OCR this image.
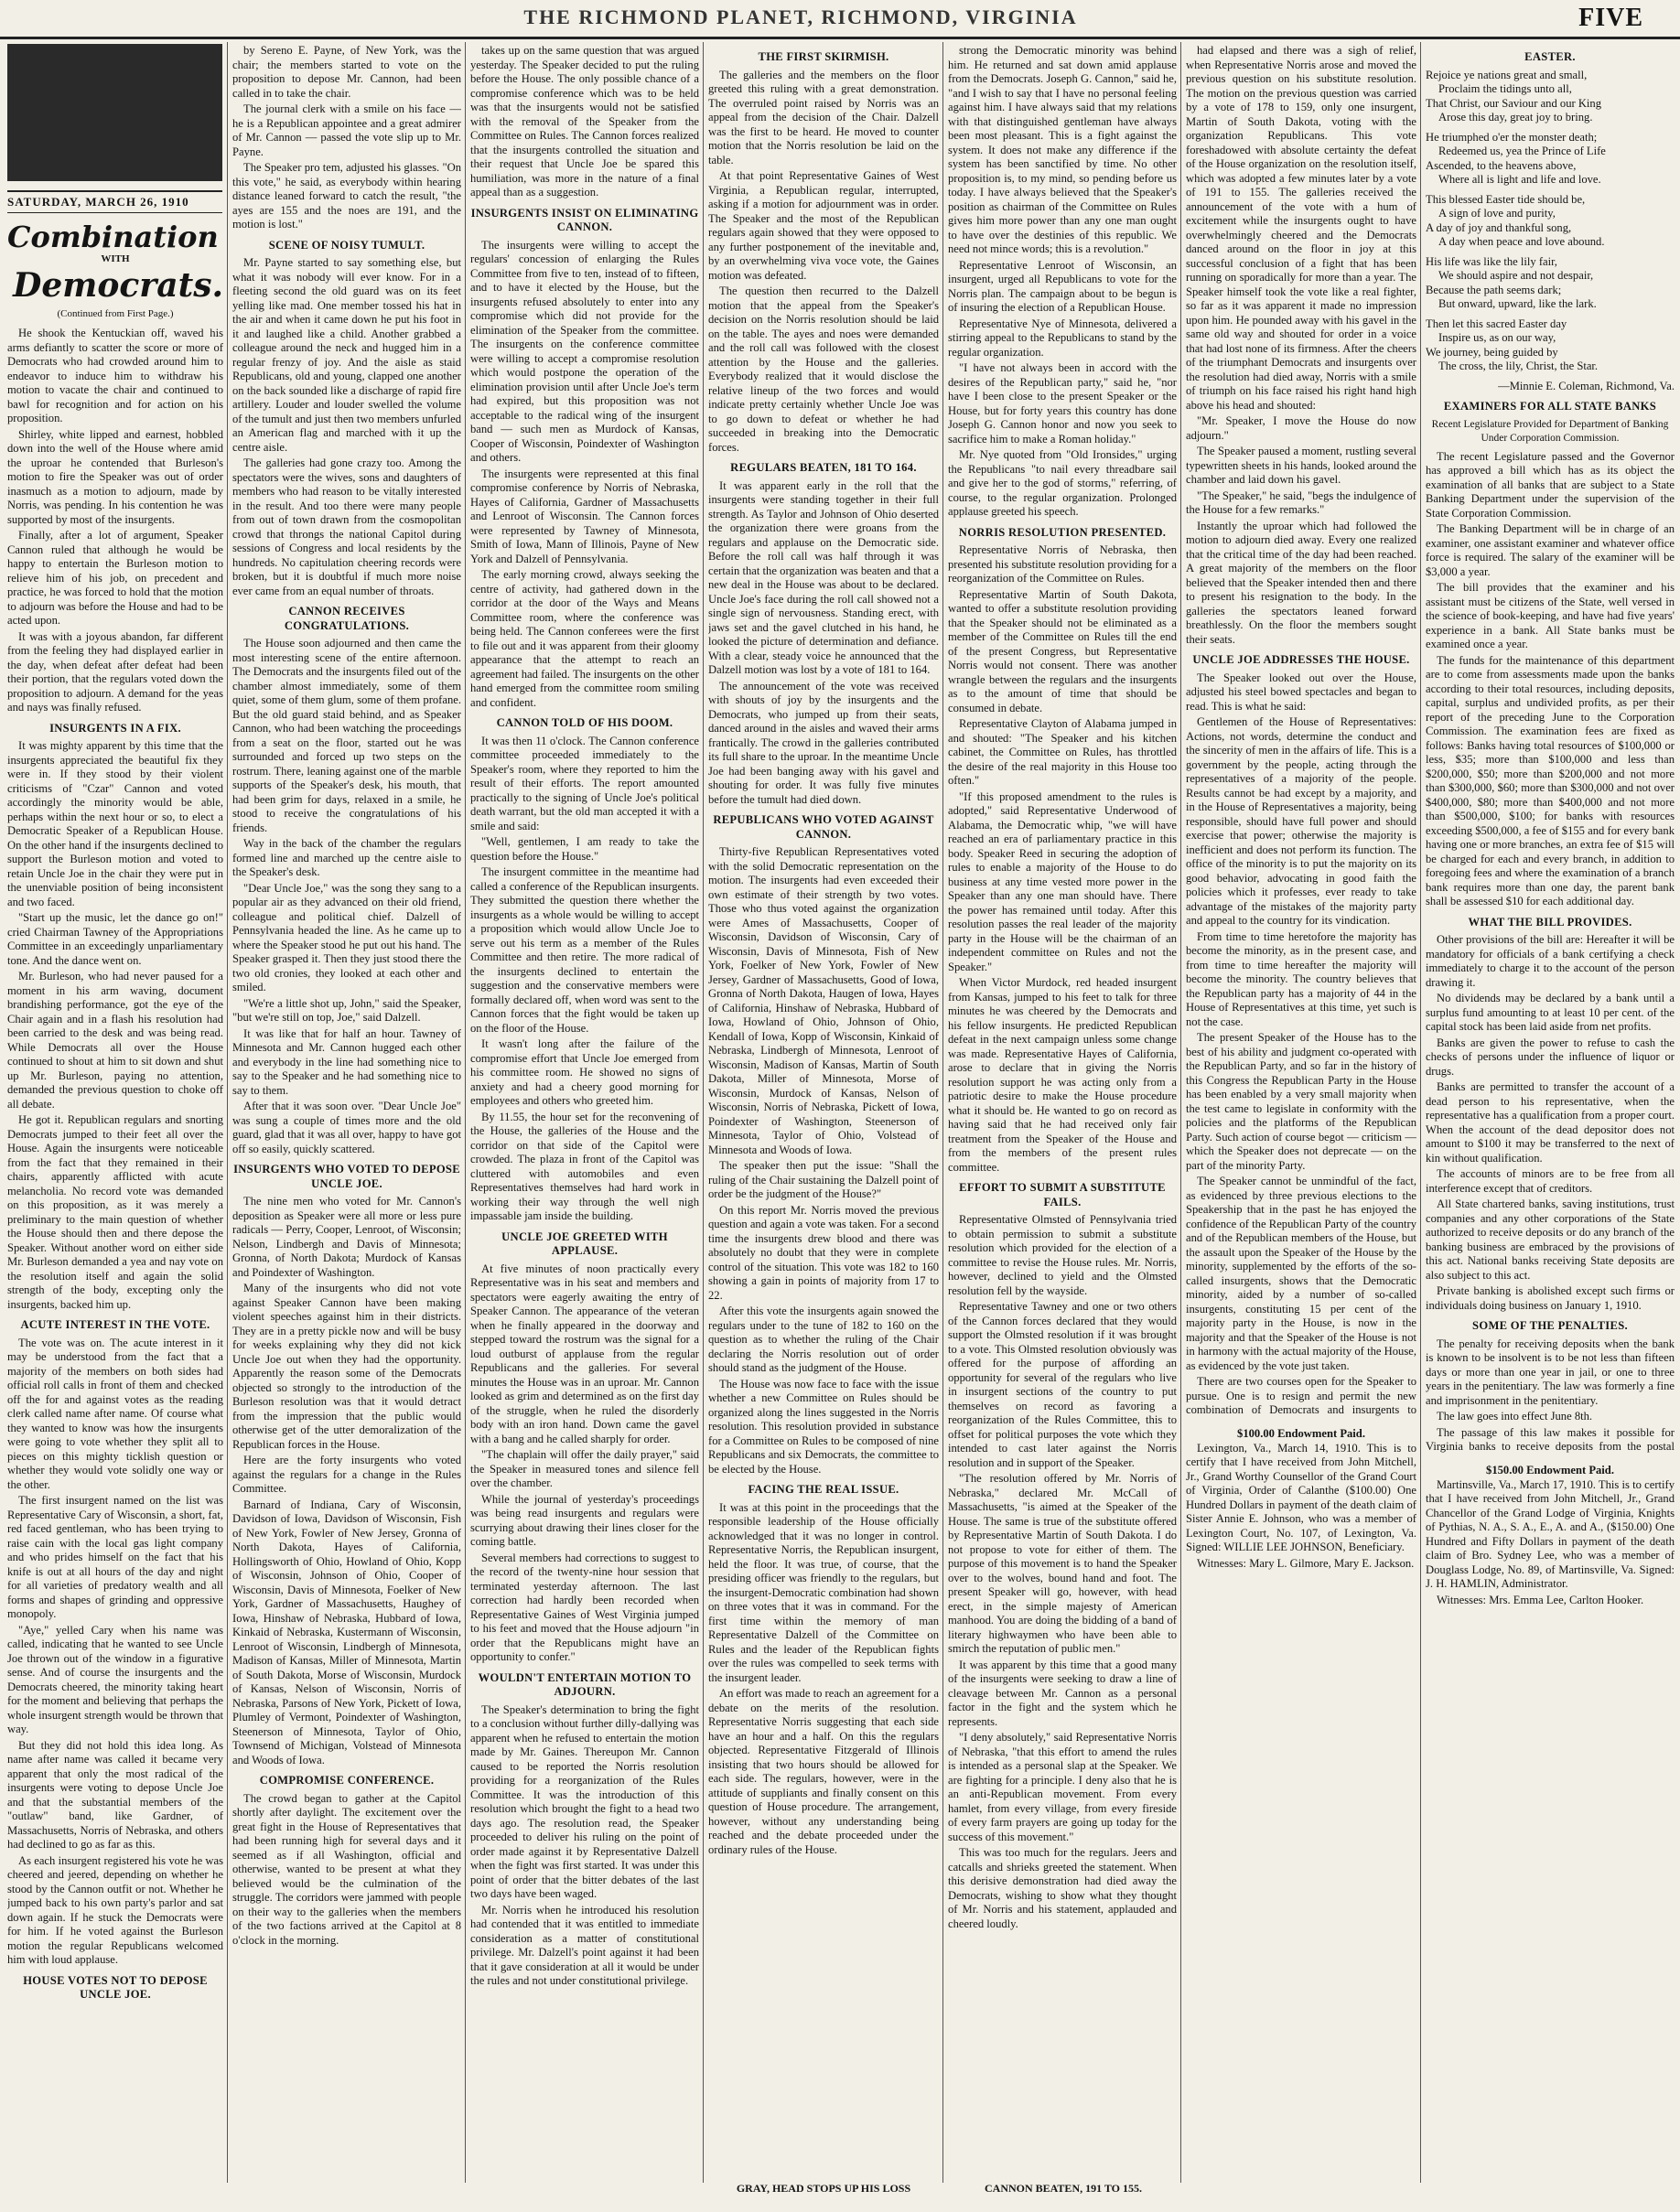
THE RICHMOND PLANET, RICHMOND, VIRGINIA	FIVE
SATURDAY, MARCH 26, 1910
Combination
WITH
Democrats.
(Continued from First Page.)

He shook the Kentuckian off, waved his arms defiantly to scatter the score or more of Democrats who had crowded around him to endeavor to induce him to withdraw his motion to vacate the chair and continued to bawl for recognition and for action on his proposition.

Shirley, white lipped and earnest, hobbled down into the well of the House where amid the uproar he contended that Burleson's motion to fire the Speaker was out of order inasmuch as a motion to adjourn, made by Norris, was pending. In his contention he was supported by most of the insurgents.

Finally, after a lot of argument, Speaker Cannon ruled that although he would be happy to entertain the Burleson motion to relieve him of his job, on precedent and practice, he was forced to hold that the motion to adjourn was before the House and had to be acted upon.

It was with a joyous abandon, far different from the feeling they had displayed earlier in the day, when defeat after defeat had been their portion, that the regulars voted down the proposition to adjourn. A demand for the yeas and nays was finally refused.

INSURGENTS IN A FIX.

It was mighty apparent by this time that the insurgents appreciated the beautiful fix they were in. If they stood by their violent criticisms of "Czar" Cannon and voted accordingly the minority would be able, perhaps within the next hour or so, to elect a Democratic Speaker of a Republican House. On the other hand if the insurgents declined to support the Burleson motion and voted to retain Uncle Joe in the chair they were put in the unenviable position of being inconsistent and two faced.

"Start up the music, let the dance go on!" cried Chairman Tawney of the Appropriations Committee in an exceedingly unparliamentary tone. And the dance went on.

Mr. Burleson, who had never paused for a moment in his arm waving, document brandishing performance, got the eye of the Chair again and in a flash his resolution had been carried to the desk and was being read. While Democrats all over the House continued to shout at him to sit down and shut up Mr. Burleson, paying no attention, demanded the previous question to choke off all debate.

He got it. Republican regulars and snorting Democrats jumped to their feet all over the House. Again the insurgents were noticeable from the fact that they remained in their chairs, apparently afflicted with acute melancholia. No record vote was demanded on this proposition, as it was merely a preliminary to the main question of whether the House should then and there depose the Speaker. Without another word on either side Mr. Burleson demanded a yea and nay vote on the resolution itself and again the solid strength of the body, excepting only the insurgents, backed him up.

ACUTE INTEREST IN THE VOTE.

The vote was on. The acute interest in it may be understood from the fact that a majority of the members on both sides had official roll calls in front of them and checked off the for and against votes as the reading clerk called name after name. Of course what they wanted to know was how the insurgents were going to vote whether they split all to pieces on this mighty ticklish question or whether they would vote solidly one way or the other.

The first insurgent named on the list was Representative Cary of Wisconsin, a short, fat, red faced gentleman, who has been trying to raise cain with the local gas light company and who prides himself on the fact that his knife is out at all hours of the day and night for all varieties of predatory wealth and all forms and shapes of grinding and oppressive monopoly.

"Aye," yelled Cary when his name was called, indicating that he wanted to see Uncle Joe thrown out of the window in a figurative sense. And of course the insurgents and the Democrats cheered, the minority taking heart for the moment and believing that perhaps the whole insurgent strength would be thrown that way.

But they did not hold this idea long. As name after name was called it became very apparent that only the most radical of the insurgents were voting to depose Uncle Joe and that the substantial members of the "outlaw" band, like Gardner, of Massachusetts, Norris of Nebraska, and others had declined to go as far as this.

As each insurgent registered his vote he was cheered and jeered, depending on whether he stood by the Cannon outfit or not. Whether he jumped back to his own party's parlor and sat down again. If he stuck the Democrats were for him. If he voted against the Burleson motion the regular Republicans welcomed him with loud applause.

HOUSE VOTES NOT TO DEPOSE UNCLE JOE.

by Sereno E. Payne, of New York, was the chair; the members started to vote on the proposition to depose Mr. Cannon, had been called in to take the chair.

The journal clerk with a smile on his face — he is a Republican appointee and a great admirer of Mr. Cannon — passed the vote slip up to Mr. Payne.

The Speaker pro tem, adjusted his glasses. "On this vote," he said, as everybody within hearing distance leaned forward to catch the result, "the ayes are 155 and the noes are 191, and the motion is lost."

SCENE OF NOISY TUMULT.

Mr. Payne started to say something else, but what it was nobody will ever know. For in a fleeting second the old guard was on its feet yelling like mad. One member tossed his hat in the air and when it came down he put his foot in it and laughed like a child. Another grabbed a colleague around the neck and hugged him in a regular frenzy of joy. And the aisle as staid Republicans, old and young, clapped one another on the back sounded like a discharge of rapid fire artillery. Louder and louder swelled the volume of the tumult and just then two members unfurled an American flag and marched with it up the centre aisle.

The galleries had gone crazy too. Among the spectators were the wives, sons and daughters of members who had reason to be vitally interested in the result. And too there were many people from out of town drawn from the cosmopolitan crowd that throngs the national Capitol during sessions of Congress and local residents by the hundreds. No capitulation cheering records were broken, but it is doubtful if much more noise ever came from an equal number of throats.

CANNON RECEIVES CONGRATULATIONS.

The House soon adjourned and then came the most interesting scene of the entire afternoon. The Democrats and the insurgents filed out of the chamber almost immediately, some of them quiet, some of them glum, some of them profane. But the old guard staid behind, and as Speaker Cannon, who had been watching the proceedings from a seat on the floor, started out he was surrounded and forced up two steps on the rostrum. There, leaning against one of the marble supports of the Speaker's desk, his mouth, that had been grim for days, relaxed in a smile, he stood to receive the congratulations of his friends.

Way in the back of the chamber the regulars formed line and marched up the centre aisle to the Speaker's desk.

"Dear Uncle Joe," was the song they sang to a popular air as they advanced on their old friend, colleague and political chief. Dalzell of Pennsylvania headed the line. As he came up to where the Speaker stood he put out his hand. The Speaker grasped it. Then they just stood there the two old cronies, they looked at each other and smiled.

"We're a little shot up, John," said the Speaker, "but we're still on top, Joe," said Dalzell.

It was like that for half an hour. Tawney of Minnesota and Mr. Cannon hugged each other and everybody in the line had something nice to say to the Speaker and he had something nice to say to them.

After that it was soon over. "Dear Uncle Joe" was sung a couple of times more and the old guard, glad that it was all over, happy to have got off so easily, quickly scattered.

INSURGENTS WHO VOTED TO DEPOSE UNCLE JOE.

The nine men who voted for Mr. Cannon's deposition as Speaker were all more or less pure radicals — Perry, Cooper, Lenroot, of Wisconsin; Nelson, Lindbergh and Davis of Minnesota; Gronna, of North Dakota; Murdock of Kansas and Poindexter of Washington.

Many of the insurgents who did not vote against Speaker Cannon have been making violent speeches against him in their districts. They are in a pretty pickle now and will be busy for weeks explaining why they did not kick Uncle Joe out when they had the opportunity. Apparently the reason some of the Democrats objected so strongly to the introduction of the Burleson resolution was that it would detract from the impression that the public would otherwise get of the utter demoralization of the Republican forces in the House.

Here are the forty insurgents who voted against the regulars for a change in the Rules Committee.

Barnard of Indiana, Cary of Wisconsin, Davidson of Iowa, Davidson of Wisconsin, Fish of New York, Fowler of New Jersey, Gronna of North Dakota, Hayes of California, Hollingsworth of Ohio, Howland of Ohio, Kopp of Wisconsin, Johnson of Ohio, Cooper of Wisconsin, Davis of Minnesota, Foelker of New York, Gardner of Massachusetts, Haughey of Iowa, Hinshaw of Nebraska, Hubbard of Iowa, Kinkaid of Nebraska, Kustermann of Wisconsin, Lenroot of Wisconsin, Lindbergh of Minnesota, Madison of Kansas, Miller of Minnesota, Martin of South Dakota, Morse of Wisconsin, Murdock of Kansas, Nelson of Wisconsin, Norris of Nebraska, Parsons of New York, Pickett of Iowa, Plumley of Vermont, Poindexter of Washington, Steenerson of Minnesota, Taylor of Ohio, Townsend of Michigan, Volstead of Minnesota and Woods of Iowa.

COMPROMISE CONFERENCE.

The crowd began to gather at the Capitol shortly after daylight. The excitement over the great fight in the House of Representatives that had been running high for several days and it seemed as if all Washington, official and otherwise, wanted to be present at what they believed would be the culmination of the struggle. The corridors were jammed with people on their way to the galleries when the members of the two factions arrived at the Capitol at 8 o'clock in the morning.

takes up on the same question that was argued yesterday. The Speaker decided to put the ruling before the House. The only possible chance of a compromise conference which was to be held was that the insurgents would not be satisfied with the removal of the Speaker from the Committee on Rules. The Cannon forces realized that the insurgents controlled the situation and their request that Uncle Joe be spared this humiliation, was more in the nature of a final appeal than as a suggestion.

INSURGENTS INSIST ON ELIMINATING CANNON.

The insurgents were willing to accept the regulars' concession of enlarging the Rules Committee from five to ten, instead of to fifteen, and to have it elected by the House, but the insurgents refused absolutely to enter into any compromise which did not provide for the elimination of the Speaker from the committee. The insurgents on the conference committee were willing to accept a compromise resolution which would postpone the operation of the elimination provision until after Uncle Joe's term had expired, but this proposition was not acceptable to the radical wing of the insurgent band — such men as Murdock of Kansas, Cooper of Wisconsin, Poindexter of Washington and others.

The insurgents were represented at this final compromise conference by Norris of Nebraska, Hayes of California, Gardner of Massachusetts and Lenroot of Wisconsin. The Cannon forces were represented by Tawney of Minnesota, Smith of Iowa, Mann of Illinois, Payne of New York and Dalzell of Pennsylvania.

The early morning crowd, always seeking the centre of activity, had gathered down in the corridor at the door of the Ways and Means Committee room, where the conference was being held. The Cannon conferees were the first to file out and it was apparent from their gloomy appearance that the attempt to reach an agreement had failed. The insurgents on the other hand emerged from the committee room smiling and confident.

CANNON TOLD OF HIS DOOM.

It was then 11 o'clock. The Cannon conference committee proceeded immediately to the Speaker's room, where they reported to him the result of their efforts. The report amounted practically to the signing of Uncle Joe's political death warrant, but the old man accepted it with a smile and said:

"Well, gentlemen, I am ready to take the question before the House."

The insurgent committee in the meantime had called a conference of the Republican insurgents. They submitted the question there whether the insurgents as a whole would be willing to accept a proposition which would allow Uncle Joe to serve out his term as a member of the Rules Committee and then retire. The more radical of the insurgents declined to entertain the suggestion and the conservative members were formally declared off, when word was sent to the Cannon forces that the fight would be taken up on the floor of the House.

It wasn't long after the failure of the compromise effort that Uncle Joe emerged from his committee room. He showed no signs of anxiety and had a cheery good morning for employees and others who greeted him.

By 11.55, the hour set for the reconvening of the House, the galleries of the House and the corridor on that side of the Capitol were crowded. The plaza in front of the Capitol was cluttered with automobiles and even Representatives themselves had hard work in working their way through the well nigh impassable jam inside the building.

UNCLE JOE GREETED WITH APPLAUSE.

At five minutes of noon practically every Representative was in his seat and members and spectators were eagerly awaiting the entry of Speaker Cannon. The appearance of the veteran when he finally appeared in the doorway and stepped toward the rostrum was the signal for a loud outburst of applause from the regular Republicans and the galleries. For several minutes the House was in an uproar. Mr. Cannon looked as grim and determined as on the first day of the struggle, when he ruled the disorderly body with an iron hand. Down came the gavel with a bang and he called sharply for order.

"The chaplain will offer the daily prayer," said the Speaker in measured tones and silence fell over the chamber.

While the journal of yesterday's proceedings was being read insurgents and regulars were scurrying about drawing their lines closer for the coming battle.

Several members had corrections to suggest to the record of the twenty-nine hour session that terminated yesterday afternoon. The last correction had hardly been recorded when Representative Gaines of West Virginia jumped to his feet and moved that the House adjourn "in order that the Republicans might have an opportunity to confer."

WOULDN'T ENTERTAIN MOTION TO ADJOURN.

The Speaker's determination to bring the fight to a conclusion without further dilly-dallying was apparent when he refused to entertain the motion made by Mr. Gaines. Thereupon Mr. Cannon caused to be reported the Norris resolution providing for a reorganization of the Rules Committee. It was the introduction of this resolution which brought the fight to a head two days ago. The resolution read, the Speaker proceeded to deliver his ruling on the point of order made against it by Representative Dalzell when the fight was first started. It was under this point of order that the bitter debates of the last two days have been waged.

Mr. Norris when he introduced his resolution had contended that it was entitled to immediate consideration as a matter of constitutional privilege. Mr. Dalzell's point against it had been that it gave consideration at all it would be under the rules and not under constitutional privilege.

THE FIRST SKIRMISH.

The galleries and the members on the floor greeted this ruling with a great demonstration. The overruled point raised by Norris was an appeal from the decision of the Chair. Dalzell was the first to be heard. He moved to counter motion that the Norris resolution be laid on the table.

At that point Representative Gaines of West Virginia, a Republican regular, interrupted, asking if a motion for adjournment was in order. The Speaker and the most of the Republican regulars again showed that they were opposed to any further postponement of the inevitable and, by an overwhelming viva voce vote, the Gaines motion was defeated.

The question then recurred to the Dalzell motion that the appeal from the Speaker's decision on the Norris resolution should be laid on the table. The ayes and noes were demanded and the roll call was followed with the closest attention by the House and the galleries. Everybody realized that it would disclose the relative lineup of the two forces and would indicate pretty certainly whether Uncle Joe was to go down to defeat or whether he had succeeded in breaking into the Democratic forces.

REGULARS BEATEN, 181 TO 164.

It was apparent early in the roll that the insurgents were standing together in their full strength. As Taylor and Johnson of Ohio deserted the organization there were groans from the regulars and applause on the Democratic side. Before the roll call was half through it was certain that the organization was beaten and that a new deal in the House was about to be declared. Uncle Joe's face during the roll call showed not a single sign of nervousness. Standing erect, with jaws set and the gavel clutched in his hand, he looked the picture of determination and defiance. With a clear, steady voice he announced that the Dalzell motion was lost by a vote of 181 to 164.

The announcement of the vote was received with shouts of joy by the insurgents and the Democrats, who jumped up from their seats, danced around in the aisles and waved their arms frantically. The crowd in the galleries contributed its full share to the uproar. In the meantime Uncle Joe had been banging away with his gavel and shouting for order. It was fully five minutes before the tumult had died down.

REPUBLICANS WHO VOTED AGAINST CANNON.

Thirty-five Republican Representatives voted with the solid Democratic representation on the motion. The insurgents had even exceeded their own estimate of their strength by two votes. Those who thus voted against the organization were Ames of Massachusetts, Cooper of Wisconsin, Davidson of Wisconsin, Cary of Wisconsin, Davis of Minnesota, Fish of New York, Foelker of New York, Fowler of New Jersey, Gardner of Massachusetts, Good of Iowa, Gronna of North Dakota, Haugen of Iowa, Hayes of California, Hinshaw of Nebraska, Hubbard of Iowa, Howland of Ohio, Johnson of Ohio, Kendall of Iowa, Kopp of Wisconsin, Kinkaid of Nebraska, Lindbergh of Minnesota, Lenroot of Wisconsin, Madison of Kansas, Martin of South Dakota, Miller of Minnesota, Morse of Wisconsin, Murdock of Kansas, Nelson of Wisconsin, Norris of Nebraska, Pickett of Iowa, Poindexter of Washington, Steenerson of Minnesota, Taylor of Ohio, Volstead of Minnesota and Woods of Iowa.

The speaker then put the issue: "Shall the ruling of the Chair sustaining the Dalzell point of order be the judgment of the House?"

On this report Mr. Norris moved the previous question and again a vote was taken. For a second time the insurgents drew blood and there was absolutely no doubt that they were in complete control of the situation. This vote was 182 to 160 showing a gain in points of majority from 17 to 22.

After this vote the insurgents again snowed the regulars under to the tune of 182 to 160 on the question as to whether the ruling of the Chair declaring the Norris resolution out of order should stand as the judgment of the House.

The House was now face to face with the issue whether a new Committee on Rules should be organized along the lines suggested in the Norris resolution. This resolution provided in substance for a Committee on Rules to be composed of nine Republicans and six Democrats, the committee to be elected by the House.

FACING THE REAL ISSUE.

It was at this point in the proceedings that the responsible leadership of the House officially acknowledged that it was no longer in control. Representative Norris, the Republican insurgent, held the floor. It was true, of course, that the presiding officer was friendly to the regulars, but the insurgent-Democratic combination had shown on three votes that it was in command. For the first time within the memory of man Representative Dalzell of the Committee on Rules and the leader of the Republican fights over the rules was compelled to seek terms with the insurgent leader.

An effort was made to reach an agreement for a debate on the merits of the resolution. Representative Norris suggesting that each side have an hour and a half. On this the regulars objected. Representative Fitzgerald of Illinois insisting that two hours should be allowed for each side. The regulars, however, were in the attitude of suppliants and finally consent on this question of House procedure. The arrangement, however, without any understanding being reached and the debate proceeded under the ordinary rules of the House.

GRAY, HEAD STOPS UP HIS LOSS

strong the Democratic minority was behind him. He returned and sat down amid applause from the Democrats. Joseph G. Cannon," said he, "and I wish to say that I have no personal feeling against him. I have always said that my relations with that distinguished gentleman have always been most pleasant. This is a fight against the system. It does not make any difference if the system has been sanctified by time. No other proposition is, to my mind, so pending before us today. I have always believed that the Speaker's position as chairman of the Committee on Rules gives him more power than any one man ought to have over the destinies of this republic. We need not mince words; this is a revolution."

Representative Lenroot of Wisconsin, an insurgent, urged all Republicans to vote for the Norris plan. The campaign about to be begun is of insuring the election of a Republican House.

Representative Nye of Minnesota, delivered a stirring appeal to the Republicans to stand by the regular organization.

"I have not always been in accord with the desires of the Republican party," said he, "nor have I been close to the present Speaker or the House, but for forty years this country has done Joseph G. Cannon honor and now you seek to sacrifice him to make a Roman holiday."

Mr. Nye quoted from "Old Ironsides," urging the Republicans "to nail every threadbare sail and give her to the god of storms," referring, of course, to the regular organization. Prolonged applause greeted his speech.

NORRIS RESOLUTION PRESENTED.

Representative Norris of Nebraska, then presented his substitute resolution providing for a reorganization of the Committee on Rules.

Representative Martin of South Dakota, wanted to offer a substitute resolution providing that the Speaker should not be eliminated as a member of the Committee on Rules till the end of the present Congress, but Representative Norris would not consent. There was another wrangle between the regulars and the insurgents as to the amount of time that should be consumed in debate.

Representative Clayton of Alabama jumped in and shouted: "The Speaker and his kitchen cabinet, the Committee on Rules, has throttled the desire of the real majority in this House too often."

"If this proposed amendment to the rules is adopted," said Representative Underwood of Alabama, the Democratic whip, "we will have reached an era of parliamentary practice in this body. Speaker Reed in securing the adoption of rules to enable a majority of the House to do business at any time vested more power in the Speaker than any one man should have. There the power has remained until today. After this resolution passes the real leader of the majority party in the House will be the chairman of an independent committee on Rules and not the Speaker."

When Victor Murdock, red headed insurgent from Kansas, jumped to his feet to talk for three minutes he was cheered by the Democrats and his fellow insurgents. He predicted Republican defeat in the next campaign unless some change was made. Representative Hayes of California, arose to declare that in giving the Norris resolution support he was acting only from a patriotic desire to make the House procedure what it should be. He wanted to go on record as having said that he had received only fair treatment from the Speaker of the House and from the members of the present rules committee.

EFFORT TO SUBMIT A SUBSTITUTE FAILS.

Representative Olmsted of Pennsylvania tried to obtain permission to submit a substitute resolution which provided for the election of a committee to revise the House rules. Mr. Norris, however, declined to yield and the Olmsted resolution fell by the wayside.

Representative Tawney and one or two others of the Cannon forces declared that they would support the Olmsted resolution if it was brought to a vote. This Olmsted resolution obviously was offered for the purpose of affording an opportunity for several of the regulars who live in insurgent sections of the country to put themselves on record as favoring a reorganization of the Rules Committee, this to offset for political purposes the vote which they intended to cast later against the Norris resolution and in support of the Speaker.

"The resolution offered by Mr. Norris of Nebraska," declared Mr. McCall of Massachusetts, "is aimed at the Speaker of the House. The same is true of the substitute offered by Representative Martin of South Dakota. I do not propose to vote for either of them. The purpose of this movement is to hand the Speaker over to the wolves, bound hand and foot. The present Speaker will go, however, with head erect, in the simple majesty of American manhood. You are doing the bidding of a band of literary highwaymen who have been able to smirch the reputation of public men."

It was apparent by this time that a good many of the insurgents were seeking to draw a line of cleavage between Mr. Cannon as a personal factor in the fight and the system which he represents.

"I deny absolutely," said Representative Norris of Nebraska, "that this effort to amend the rules is intended as a personal slap at the Speaker. We are fighting for a principle. I deny also that he is an anti-Republican movement. From every hamlet, from every village, from every fireside of every farm prayers are going up today for the success of this movement."

This was too much for the regulars. Jeers and catcalls and shrieks greeted the statement. When this derisive demonstration had died away the Democrats, wishing to show what they thought of Mr. Norris and his statement, applauded and cheered loudly.

CANNON BEATEN, 191 TO 155.

had elapsed and there was a sigh of relief, when Representative Norris arose and moved the previous question on his substitute resolution. The motion on the previous question was carried by a vote of 178 to 159, only one insurgent, Martin of South Dakota, voting with the organization Republicans. This vote foreshadowed with absolute certainty the defeat of the House organization on the resolution itself, which was adopted a few minutes later by a vote of 191 to 155. The galleries received the announcement of the vote with a hum of excitement while the insurgents ought to have overwhelmingly cheered and the Democrats danced around on the floor in joy at this successful conclusion of a fight that has been running on sporadically for more than a year. The Speaker himself took the vote like a real fighter, so far as it was apparent it made no impression upon him. He pounded away with his gavel in the same old way and shouted for order in a voice that had lost none of its firmness. After the cheers of the triumphant Democrats and insurgents over the resolution had died away, Norris with a smile of triumph on his face raised his right hand high above his head and shouted:

"Mr. Speaker, I move the House do now adjourn."

The Speaker paused a moment, rustling several typewritten sheets in his hands, looked around the chamber and laid down his gavel.

"The Speaker," he said, "begs the indulgence of the House for a few remarks."

Instantly the uproar which had followed the motion to adjourn died away. Every one realized that the critical time of the day had been reached. A great majority of the members on the floor believed that the Speaker intended then and there to present his resignation to the body. In the galleries the spectators leaned forward breathlessly. On the floor the members sought their seats.

UNCLE JOE ADDRESSES THE HOUSE.

The Speaker looked out over the House, adjusted his steel bowed spectacles and began to read. This is what he said:

Gentlemen of the House of Representatives: Actions, not words, determine the conduct and the sincerity of men in the affairs of life. This is a government by the people, acting through the representatives of a majority of the people. Results cannot be had except by a majority, and in the House of Representatives a majority, being responsible, should have full power and should exercise that power; otherwise the majority is inefficient and does not perform its function. The office of the minority is to put the majority on its good behavior, advocating in good faith the policies which it professes, ever ready to take advantage of the mistakes of the majority party and appeal to the country for its vindication.

From time to time heretofore the majority has become the minority, as in the present case, and from time to time hereafter the majority will become the minority. The country believes that the Republican party has a majority of 44 in the House of Representatives at this time, yet such is not the case.

The present Speaker of the House has to the best of his ability and judgment co-operated with the Republican Party, and so far in the history of this Congress the Republican Party in the House has been enabled by a very small majority when the test came to legislate in conformity with the policies and the platforms of the Republican Party. Such action of course begot — criticism — which the Speaker does not deprecate — on the part of the minority Party.

The Speaker cannot be unmindful of the fact, as evidenced by three previous elections to the Speakership that in the past he has enjoyed the confidence of the Republican Party of the country and of the Republican members of the House, but the assault upon the Speaker of the House by the minority, supplemented by the efforts of the so-called insurgents, shows that the Democratic minority, aided by a number of so-called insurgents, constituting 15 per cent of the majority party in the House, is now in the majority and that the Speaker of the House is not in harmony with the actual majority of the House, as evidenced by the vote just taken.

There are two courses open for the Speaker to pursue. One is to resign and permit the new combination of Democrats and insurgents to

$100.00 Endowment Paid.

Lexington, Va., March 14, 1910. This is to certify that I have received from John Mitchell, Jr., Grand Worthy Counsellor of the Grand Court of Virginia, Order of Calanthe ($100.00) One Hundred Dollars in payment of the death claim of Sister Annie E. Johnson, who was a member of Lexington Court, No. 107, of Lexington, Va. Signed: WILLIE LEE JOHNSON, Beneficiary.

Witnesses: Mary L. Gilmore, Mary E. Jackson.

EASTER.
Rejoice ye nations great and small,
Proclaim the tidings unto all,
That Christ, our Saviour and our King
Arose this day, great joy to bring.
He triumphed o'er the monster death;
Redeemed us, yea the Prince of Life
Ascended, to the heavens above,
Where all is light and life and love.
This blessed Easter tide should be,
A sign of love and purity,
A day of joy and thankful song,
A day when peace and love abound.
His life was like the lily fair,
We should aspire and not despair,
Because the path seems dark;
But onward, upward, like the lark.
Then let this sacred Easter day
Inspire us, as on our way,
We journey, being guided by
The cross, the lily, Christ, the Star.
—Minnie E. Coleman, Richmond, Va.
EXAMINERS FOR ALL STATE BANKS
Recent Legislature Provided for Department of Banking Under Corporation Commission.

The recent Legislature passed and the Governor has approved a bill which has as its object the examination of all banks that are subject to a State Banking Department under the supervision of the State Corporation Commission.

The Banking Department will be in charge of an examiner, one assistant examiner and whatever office force is required. The salary of the examiner will be $3,000 a year.

The bill provides that the examiner and his assistant must be citizens of the State, well versed in the science of book-keeping, and have had five years' experience in a bank. All State banks must be examined once a year.

The funds for the maintenance of this department are to come from assessments made upon the banks according to their total resources, including deposits, capital, surplus and undivided profits, as per their report of the preceding June to the Corporation Commission. The examination fees are fixed as follows: Banks having total resources of $100,000 or less, $35; more than $100,000 and less than $200,000, $50; more than $200,000 and not more than $300,000, $60; more than $300,000 and not over $400,000, $80; more than $400,000 and not more than $500,000, $100; for banks with resources exceeding $500,000, a fee of $155 and for every bank having one or more branches, an extra fee of $15 will be charged for each and every branch, in addition to foregoing fees and where the examination of a branch bank requires more than one day, the parent bank shall be assessed $10 for each additional day.

WHAT THE BILL PROVIDES.

Other provisions of the bill are: Hereafter it will be mandatory for officials of a bank certifying a check immediately to charge it to the account of the person drawing it.

No dividends may be declared by a bank until a surplus fund amounting to at least 10 per cent. of the capital stock has been laid aside from net profits.

Banks are given the power to refuse to cash the checks of persons under the influence of liquor or drugs.

Banks are permitted to transfer the account of a dead person to his representative, when the representative has a qualification from a proper court. When the account of the dead depositor does not amount to $100 it may be transferred to the next of kin without qualification.

The accounts of minors are to be free from all interference except that of creditors.

All State chartered banks, saving institutions, trust companies and any other corporations of the State authorized to receive deposits or do any branch of the banking business are embraced by the provisions of this act. National banks receiving State deposits are also subject to this act.

Private banking is abolished except such firms or individuals doing business on January 1, 1910.

SOME OF THE PENALTIES.

The penalty for receiving deposits when the bank is known to be insolvent is to be not less than fifteen days or more than one year in jail, or one to three years in the penitentiary. The law was formerly a fine and imprisonment in the penitentiary.

The law goes into effect June 8th.

The passage of this law makes it possible for Virginia banks to receive deposits from the postal

$150.00 Endowment Paid.

Martinsville, Va., March 17, 1910. This is to certify that I have received from John Mitchell, Jr., Grand Chancellor of the Grand Lodge of Virginia, Knights of Pythias, N. A., S. A., E., A. and A., ($150.00) One Hundred and Fifty Dollars in payment of the death claim of Bro. Sydney Lee, who was a member of Douglass Lodge, No. 89, of Martinsville, Va. Signed: J. H. HAMLIN, Administrator.

Witnesses: Mrs. Emma Lee, Carlton Hooker.
